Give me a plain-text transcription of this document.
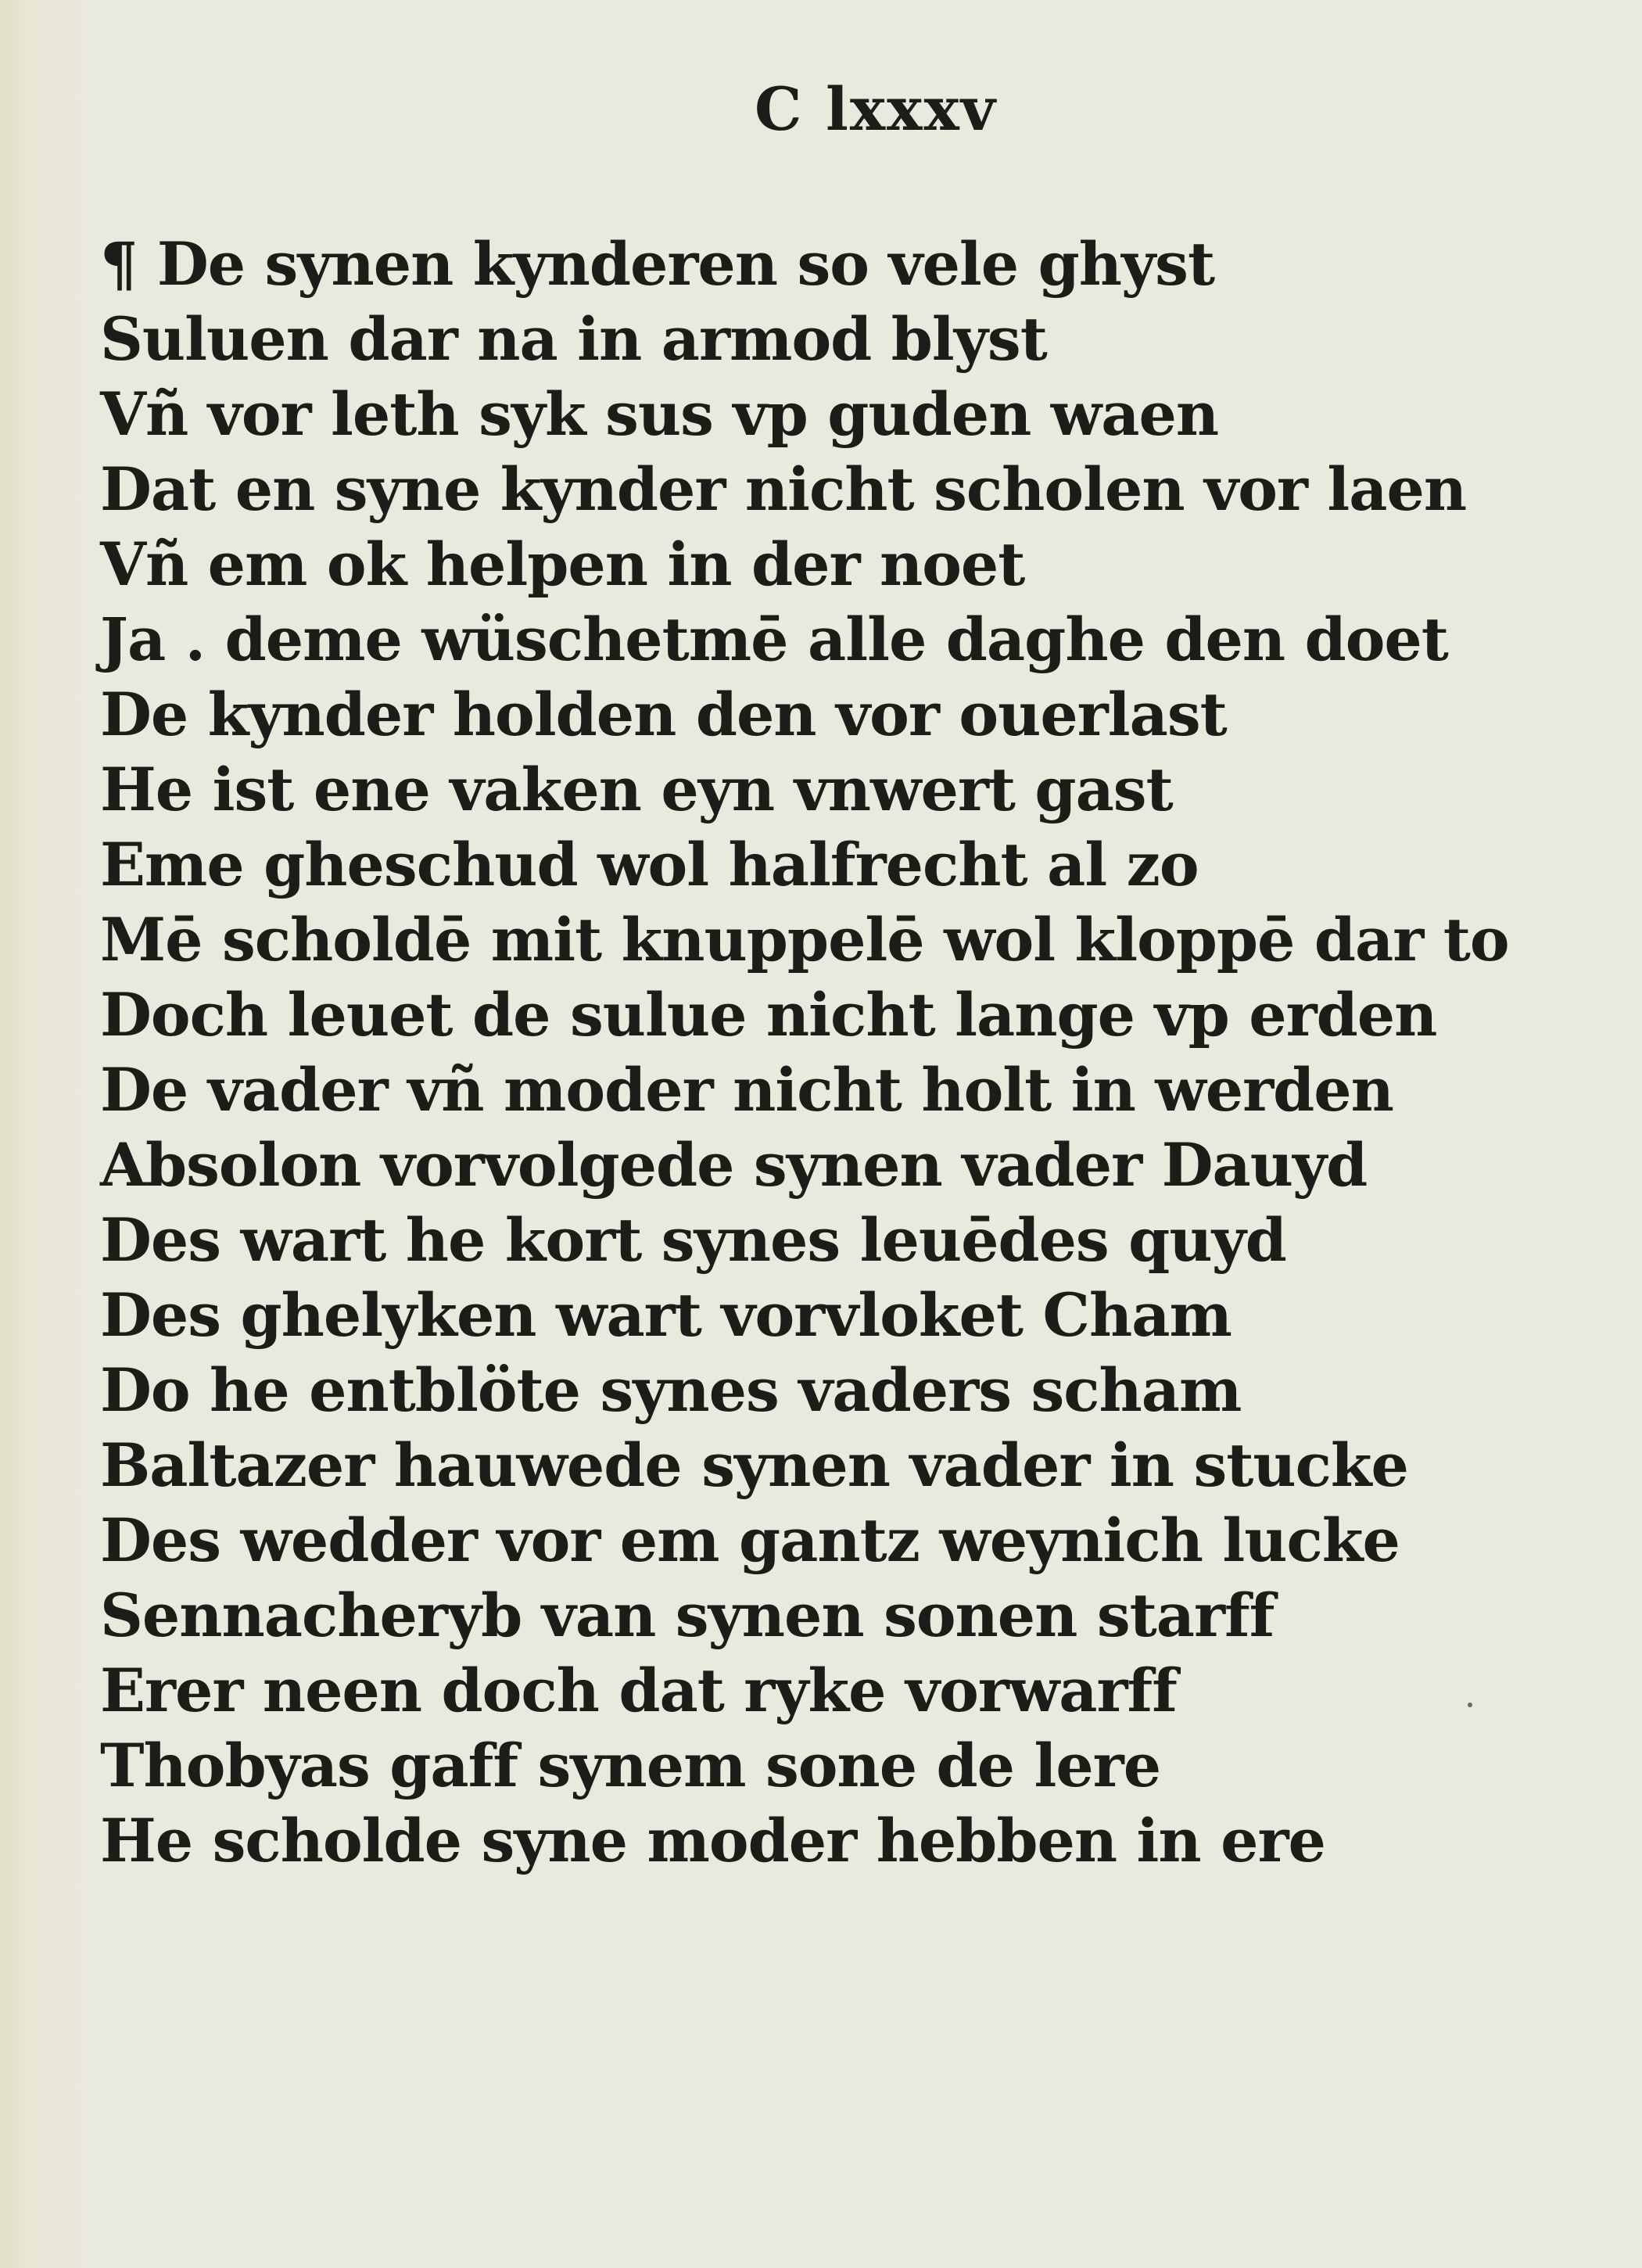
C lxxxv
¶ De synen kynderen so vele ghyst
Suluen dar na in armod blyst
Vñ vor leth syk sus vp guden waen
Dat en syne kynder nicht scholen vor laen
Vñ em ok helpen in der noet
Ja . deme wüschetmē alle daghe den doet
De kynder holden den vor ouerlast
He ist ene vaken eyn vnwert gast
Eme gheschud wol halfrecht al zo
Mē scholdē mit knuppelē wol kloppē dar to
Doch leuet de sulue nicht lange vp erden
De vader vñ moder nicht holt in werden
Absolon vorvolgede synen vader Dauyd
Des wart he kort synes leuēdes quyd
Des ghelyken wart vorvloket Cham
Do he entblöte synes vaders scham
Baltazer hauwede synen vader in stucke
Des wedder vor em gantz weynich lucke
Sennacheryb van synen sonen starff
Erer neen doch dat ryke vorwarff
Thobyas gaff synem sone de lere
He scholde syne moder hebben in ere
